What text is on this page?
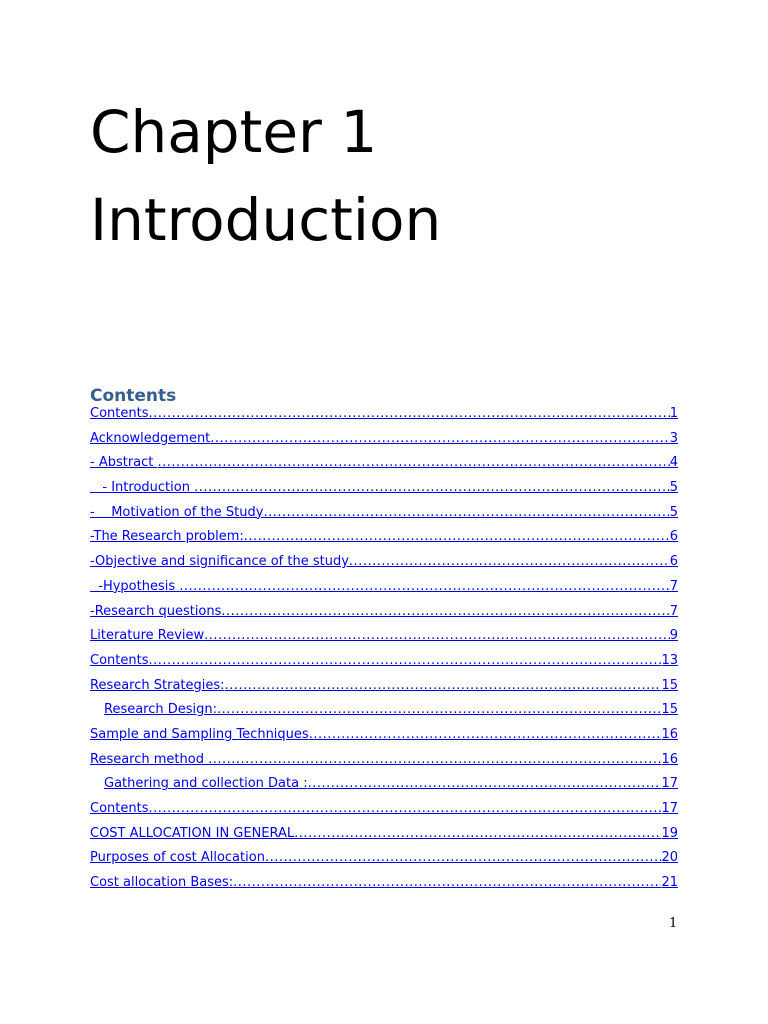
Chapter 1
Introduction
Contents
Contents .....	1
Acknowledgement .....	3
- Abstract .....	4
- Introduction .....	5
-    Motivation of the Study .....	5
-The Research problem: .....	6
-Objective and significance of the study .....	6
-Hypothesis .....	7
-Research questions .....	7
Literature Review .....	9
Contents .....	13
Research Strategies: .....	15
Research Design: .....	15
Sample and Sampling Techniques .....	16
Research method .....	16
Gathering and collection Data : .....	17
Contents .....	17
COST ALLOCATION IN GENERAL .....	19
Purposes of cost Allocation .....	20
Cost allocation Bases: .....	21
1
